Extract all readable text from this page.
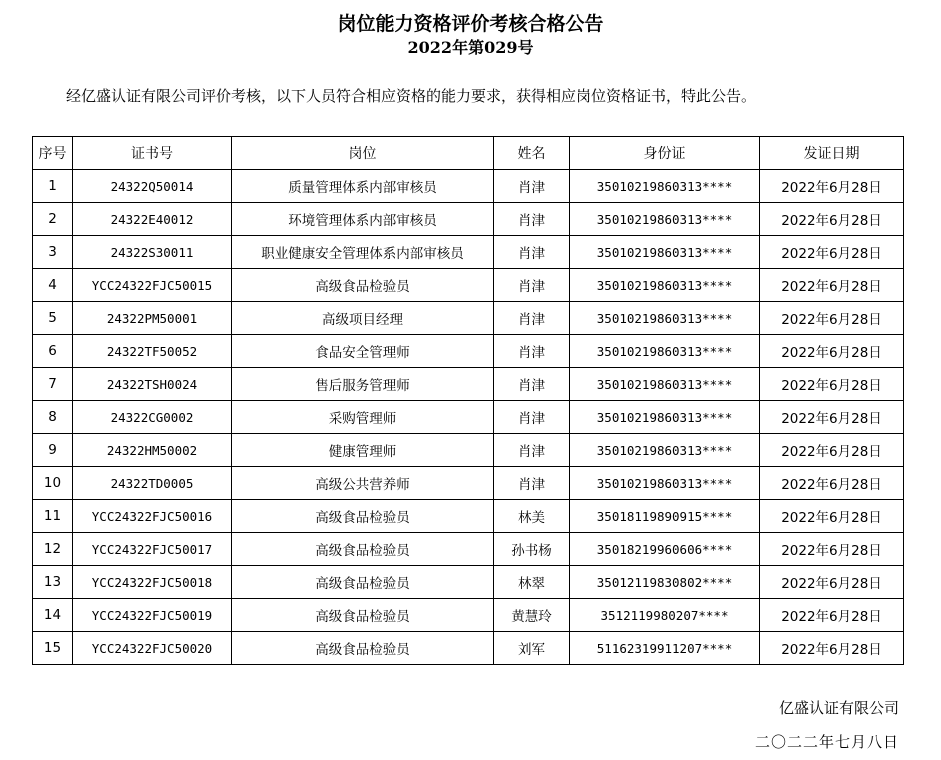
岗位能力资格评价考核合格公告
2022年第029号
经亿盛认证有限公司评价考核，以下人员符合相应资格的能力要求，获得相应岗位资格证书，特此公告。
序号	证书号	岗位	姓名	身份证	发证日期
1	24322Q50014	质量管理体系内部审核员	肖津	35010219860313****	2022年6月28日
2	24322E40012	环境管理体系内部审核员	肖津	35010219860313****	2022年6月28日
3	24322S30011	职业健康安全管理体系内部审核员	肖津	35010219860313****	2022年6月28日
4	YCC24322FJC50015	高级食品检验员	肖津	35010219860313****	2022年6月28日
5	24322PM50001	高级项目经理	肖津	35010219860313****	2022年6月28日
6	24322TF50052	食品安全管理师	肖津	35010219860313****	2022年6月28日
7	24322TSH0024	售后服务管理师	肖津	35010219860313****	2022年6月28日
8	24322CG0002	采购管理师	肖津	35010219860313****	2022年6月28日
9	24322HM50002	健康管理师	肖津	35010219860313****	2022年6月28日
10	24322TD0005	高级公共营养师	肖津	35010219860313****	2022年6月28日
11	YCC24322FJC50016	高级食品检验员	林美	35018119890915****	2022年6月28日
12	YCC24322FJC50017	高级食品检验员	孙书杨	35018219960606****	2022年6月28日
13	YCC24322FJC50018	高级食品检验员	林翠	35012119830802****	2022年6月28日
14	YCC24322FJC50019	高级食品检验员	黄慧玲	3512119980207****	2022年6月28日
15	YCC24322FJC50020	高级食品检验员	刘军	51162319911207****	2022年6月28日
亿盛认证有限公司
二〇二二年七月八日
